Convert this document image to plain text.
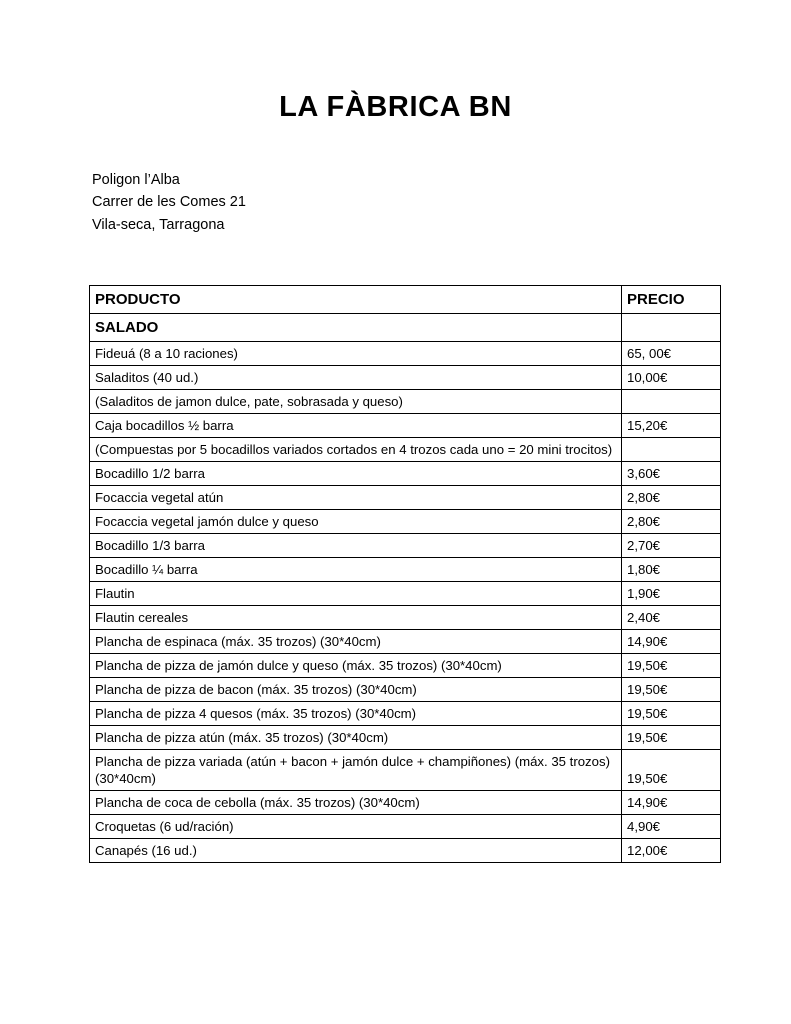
LA FÀBRICA BN
Poligon l’Alba
Carrer de les Comes 21
Vila-seca, Tarragona
PRODUCTO	PRECIO
SALADO	
Fideuá (8 a 10 raciones)	65, 00€
Saladitos (40 ud.)	10,00€
(Saladitos de jamon dulce, pate, sobrasada y queso)	
Caja bocadillos ½ barra	15,20€
(Compuestas por 5 bocadillos variados cortados en 4 trozos cada uno = 20 mini trocitos)	
Bocadillo 1/2 barra	3,60€
Focaccia vegetal atún	2,80€
Focaccia vegetal jamón dulce y queso	2,80€
Bocadillo 1/3 barra	2,70€
Bocadillo ¼ barra	1,80€
Flautin	1,90€
Flautin cereales	2,40€
Plancha de espinaca (máx. 35 trozos) (30*40cm)	14,90€
Plancha de pizza de jamón dulce y queso (máx. 35 trozos) (30*40cm)	19,50€
Plancha de pizza de bacon (máx. 35 trozos) (30*40cm)	19,50€
Plancha de pizza 4 quesos (máx. 35 trozos) (30*40cm)	19,50€
Plancha de pizza atún (máx. 35 trozos) (30*40cm)	19,50€
Plancha de pizza variada (atún + bacon + jamón dulce + champiñones) (máx. 35 trozos) (30*40cm)	19,50€
Plancha de coca de cebolla (máx. 35 trozos) (30*40cm)	14,90€
Croquetas (6 ud/ración)	4,90€
Canapés (16 ud.)	12,00€
